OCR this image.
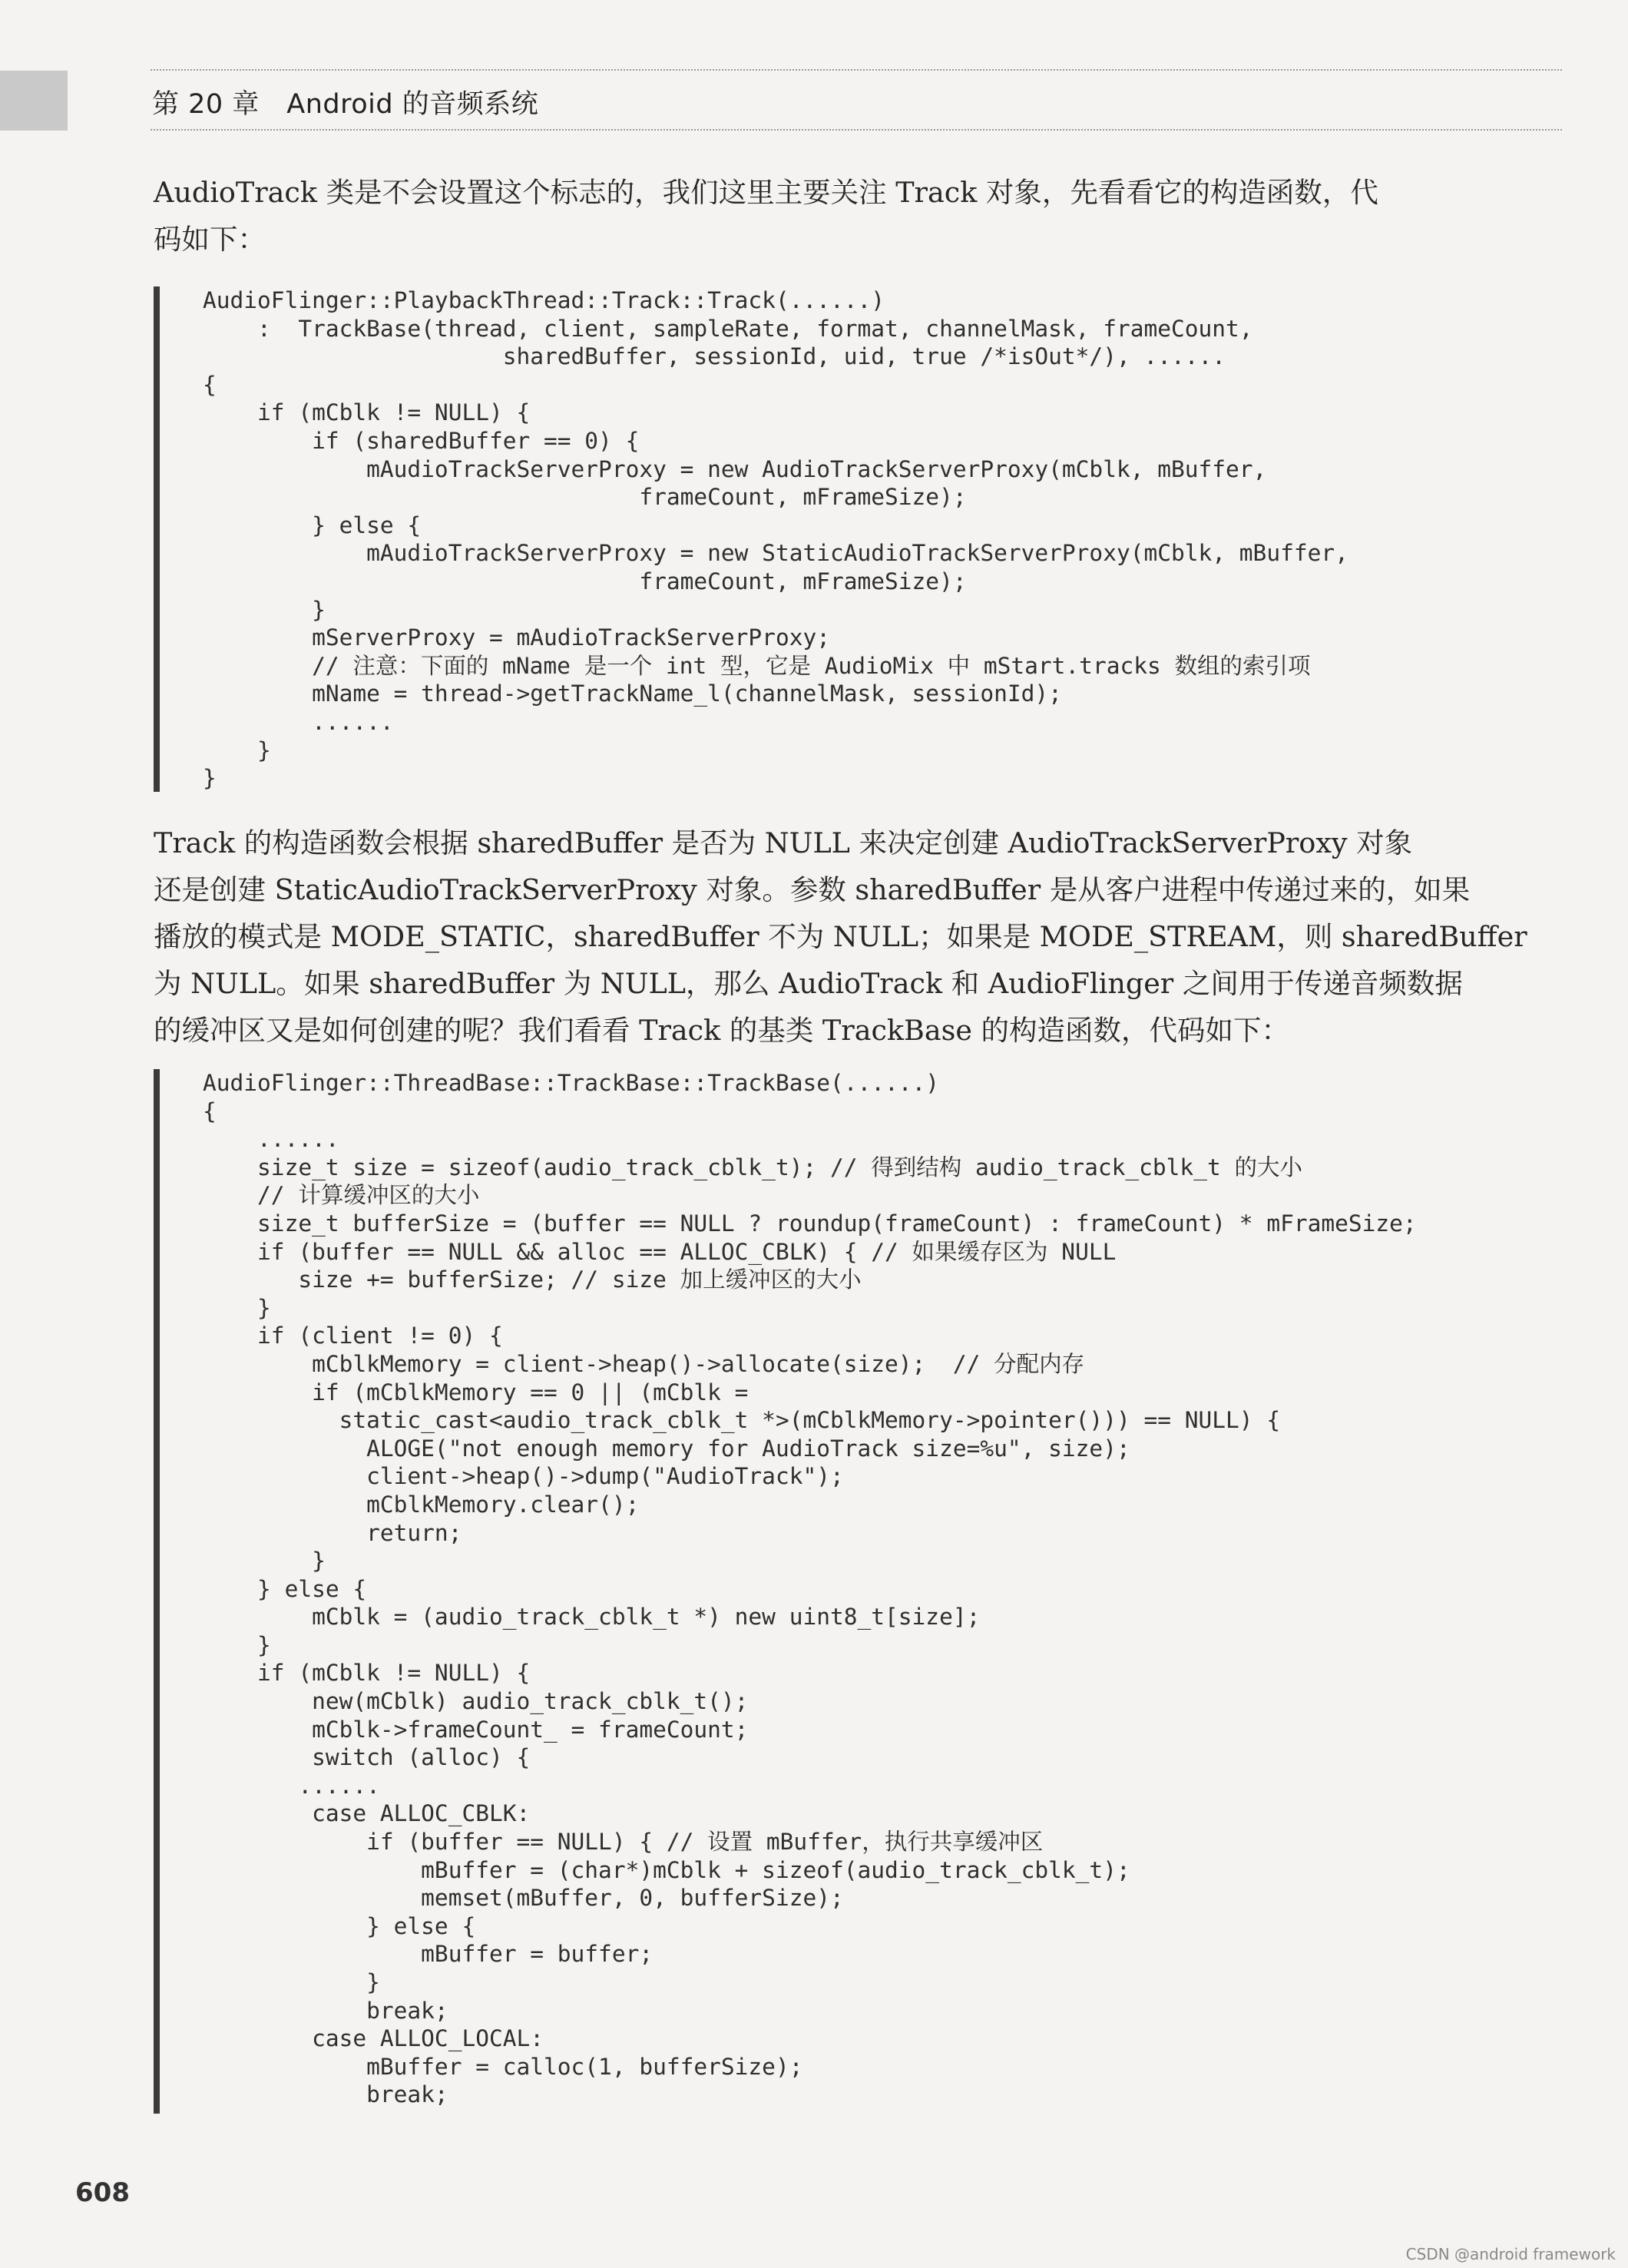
第 20 章　Android 的音频系统
AudioTrack 类是不会设置这个标志的，我们这里主要关注 Track 对象，先看看它的构造函数，代
码如下：
AudioFlinger::PlaybackThread::Track::Track(......)
:  TrackBase(thread, client, sampleRate, format, channelMask, frameCount,
sharedBuffer, sessionId, uid, true /*isOut*/), ......
{
if (mCblk != NULL) {
if (sharedBuffer == 0) {
mAudioTrackServerProxy = new AudioTrackServerProxy(mCblk, mBuffer,
frameCount, mFrameSize);
} else {
mAudioTrackServerProxy = new StaticAudioTrackServerProxy(mCblk, mBuffer,
frameCount, mFrameSize);
}
mServerProxy = mAudioTrackServerProxy;
// 注意：下面的 mName 是一个 int 型，它是 AudioMix 中 mStart.tracks 数组的索引项
mName = thread->getTrackName_l(channelMask, sessionId);
......
}
}
Track 的构造函数会根据 sharedBuffer 是否为 NULL 来决定创建 AudioTrackServerProxy 对象
还是创建 StaticAudioTrackServerProxy 对象。参数 sharedBuffer 是从客户进程中传递过来的，如果
播放的模式是 MODE_STATIC，sharedBuffer 不为 NULL；如果是 MODE_STREAM，则 sharedBuffer
为 NULL。如果 sharedBuffer 为 NULL，那么 AudioTrack 和 AudioFlinger 之间用于传递音频数据
的缓冲区又是如何创建的呢？我们看看 Track 的基类 TrackBase 的构造函数，代码如下：
AudioFlinger::ThreadBase::TrackBase::TrackBase(......)
{
......
size_t size = sizeof(audio_track_cblk_t); // 得到结构 audio_track_cblk_t 的大小
// 计算缓冲区的大小
size_t bufferSize = (buffer == NULL ? roundup(frameCount) : frameCount) * mFrameSize;
if (buffer == NULL && alloc == ALLOC_CBLK) { // 如果缓存区为 NULL
size += bufferSize; // size 加上缓冲区的大小
}
if (client != 0) {
mCblkMemory = client->heap()->allocate(size);  // 分配内存
if (mCblkMemory == 0 || (mCblk =
static_cast<audio_track_cblk_t *>(mCblkMemory->pointer())) == NULL) {
ALOGE("not enough memory for AudioTrack size=%u", size);
client->heap()->dump("AudioTrack");
mCblkMemory.clear();
return;
}
} else {
mCblk = (audio_track_cblk_t *) new uint8_t[size];
}
if (mCblk != NULL) {
new(mCblk) audio_track_cblk_t();
mCblk->frameCount_ = frameCount;
switch (alloc) {
......
case ALLOC_CBLK:
if (buffer == NULL) { // 设置 mBuffer，执行共享缓冲区
mBuffer = (char*)mCblk + sizeof(audio_track_cblk_t);
memset(mBuffer, 0, bufferSize);
} else {
mBuffer = buffer;
}
break;
case ALLOC_LOCAL:
mBuffer = calloc(1, bufferSize);
break;
608
CSDN @android framework
